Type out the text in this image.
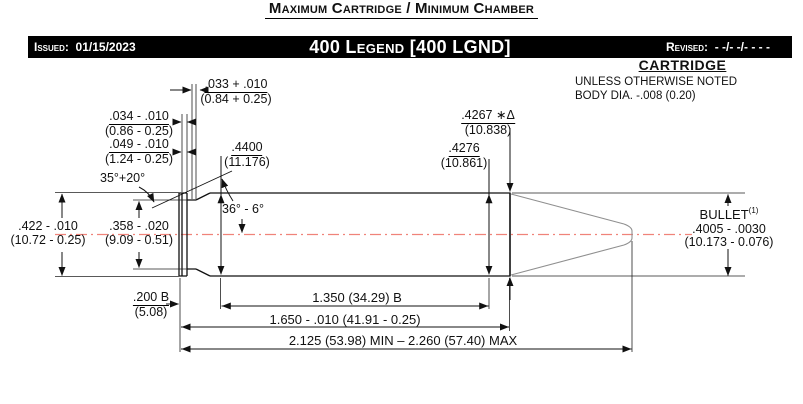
Maximum Cartridge / Minimum Chamber
Issued:  01/15/2023	400 Legend [400 LGND]	Revised:  - -/- -/- - - -
CARTRIDGE
UNLESS OTHERWISE NOTED
BODY DIA. -.008 (0.20)
.033 + .010
(0.84 + 0.25)
.034 - .010
(0.86 - 0.25)
.049 - .010
(1.24 - 0.25)
.4400
(11.176)
35°+20°
36° - 6°
.422 - .010
(10.72 - 0.25)
.358 - .020
(9.09 - 0.51)
.4267 ∗Δ
(10.838)
.4276
(10.861)
BULLET$^{(1)}$
.4005 - .0030
(10.173 - 0.076)
.200 B
(5.08)
1.350 (34.29) B
1.650 - .010 (41.91 - 0.25)
2.125 (53.98) MIN – 2.260 (57.40) MAX
